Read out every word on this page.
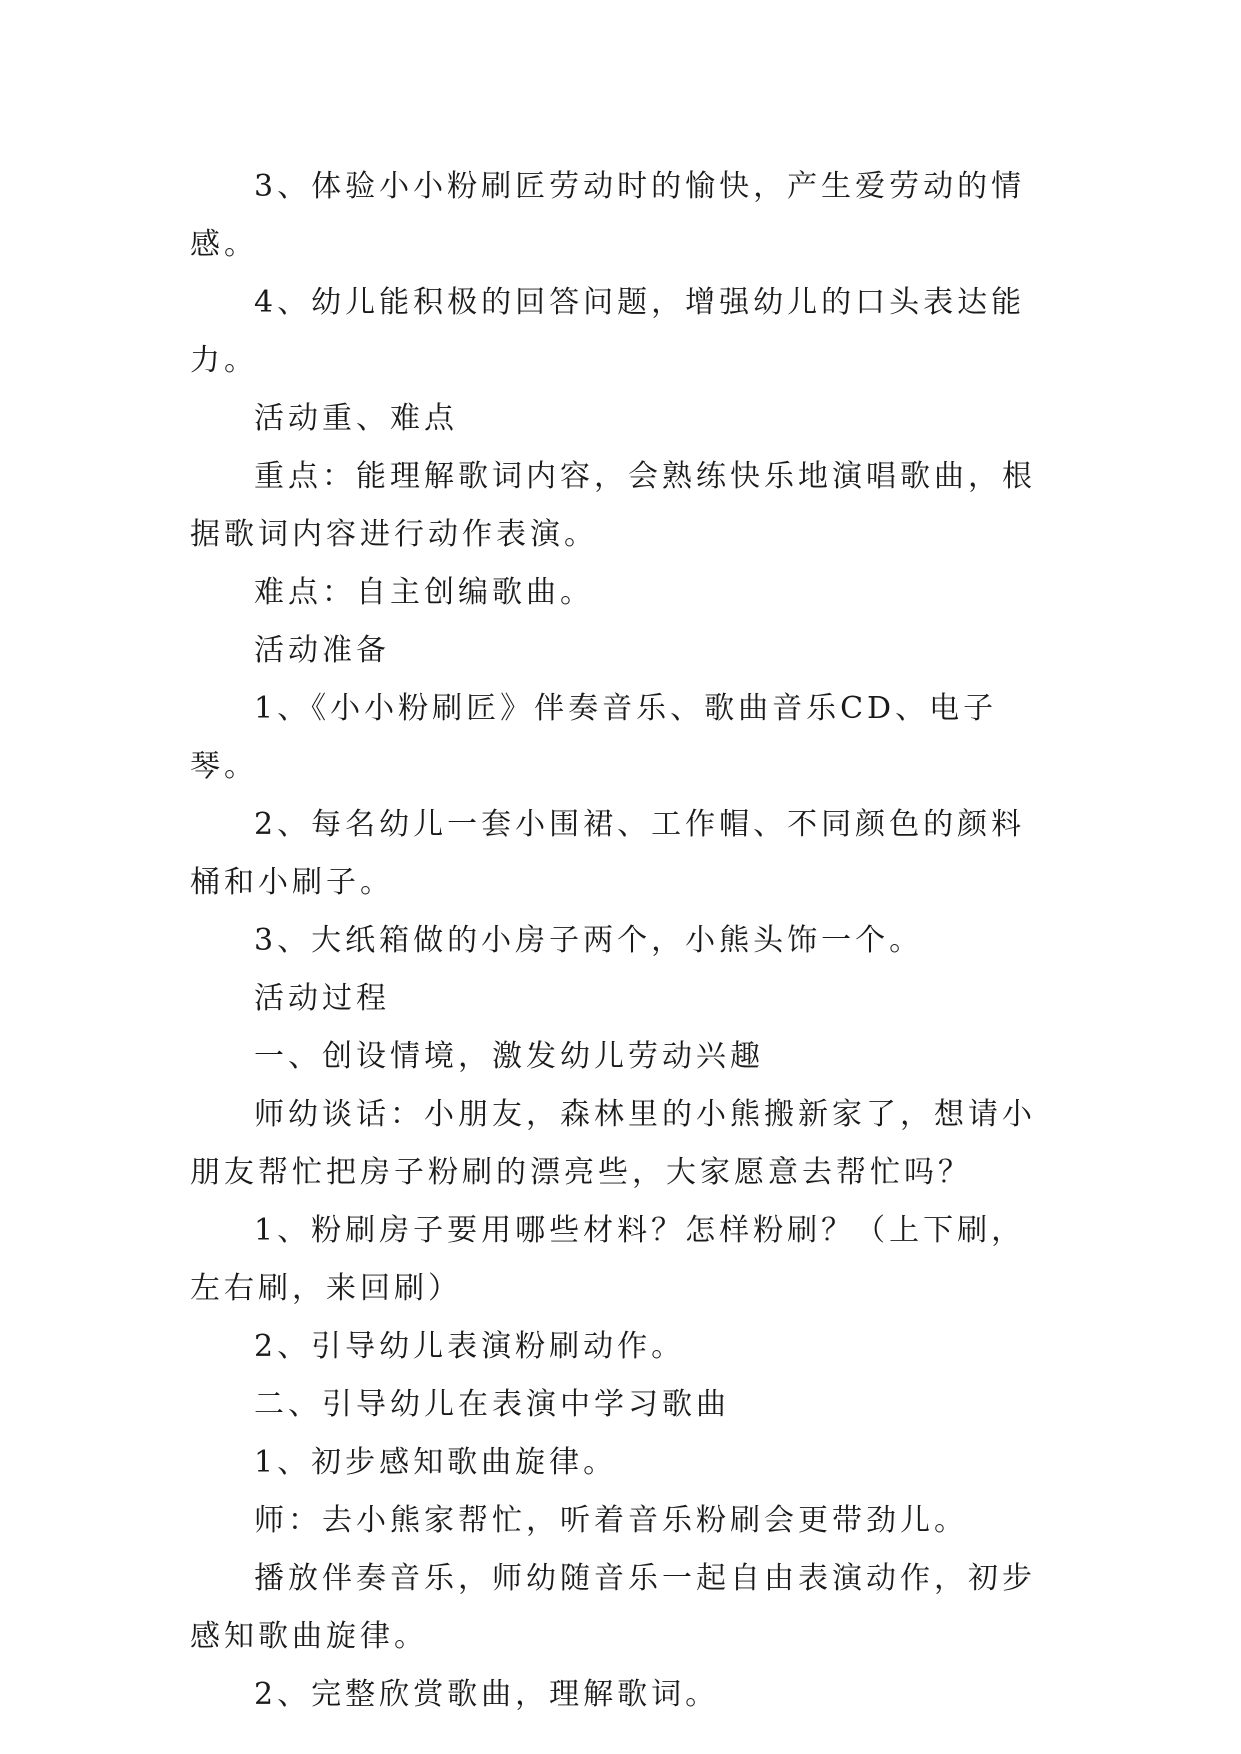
3、体验小小粉刷匠劳动时的愉快，产生爱劳动的情感。

4、幼儿能积极的回答问题，增强幼儿的口头表达能力。

活动重、难点

重点：能理解歌词内容，会熟练快乐地演唱歌曲，根据歌词内容进行动作表演。

难点：自主创编歌曲。

活动准备

1、《小小粉刷匠》伴奏音乐、歌曲音乐CD、电子琴。

2、每名幼儿一套小围裙、工作帽、不同颜色的颜料桶和小刷子。

3、大纸箱做的小房子两个，小熊头饰一个。

活动过程

一、创设情境，激发幼儿劳动兴趣

师幼谈话：小朋友，森林里的小熊搬新家了，想请小朋友帮忙把房子粉刷的漂亮些，大家愿意去帮忙吗？

1、粉刷房子要用哪些材料？怎样粉刷？（上下刷，左右刷，来回刷）

2、引导幼儿表演粉刷动作。

二、引导幼儿在表演中学习歌曲

1、初步感知歌曲旋律。

师：去小熊家帮忙，听着音乐粉刷会更带劲儿。

播放伴奏音乐，师幼随音乐一起自由表演动作，初步感知歌曲旋律。

2、完整欣赏歌曲，理解歌词。
